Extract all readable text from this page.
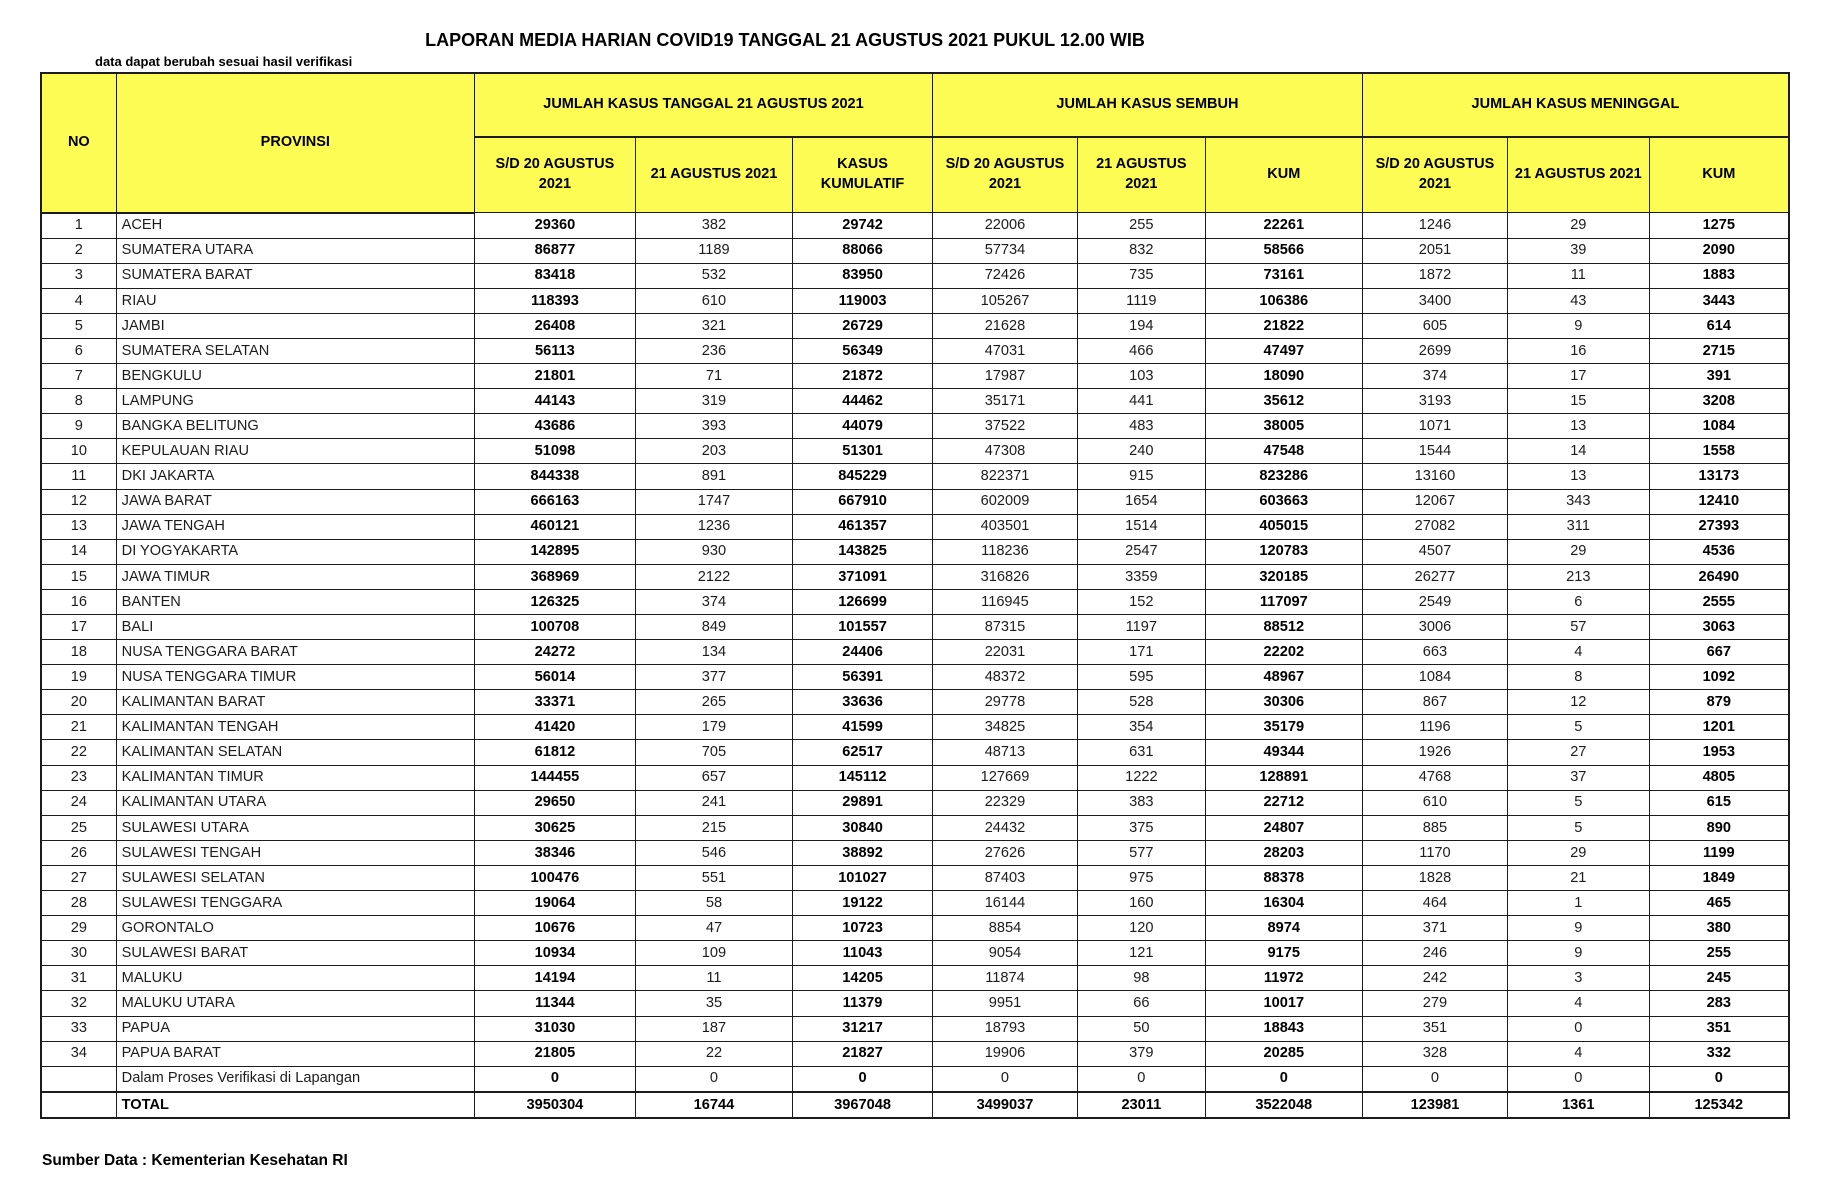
LAPORAN MEDIA HARIAN COVID19 TANGGAL 21 AGUSTUS 2021 PUKUL 12.00 WIB
data dapat berubah sesuai hasil verifikasi
NO	PROVINSI	JUMLAH KASUS TANGGAL 21 AGUSTUS 2021			JUMLAH KASUS SEMBUH			JUMLAH KASUS MENINGGAL		
		S/D 20 AGUSTUS 2021	21 AGUSTUS 2021	KASUS KUMULATIF	S/D 20 AGUSTUS 2021	21 AGUSTUS 2021	KUM	S/D 20 AGUSTUS 2021	21 AGUSTUS 2021	KUM
1	ACEH	29360	382	29742	22006	255	22261	1246	29	1275
2	SUMATERA UTARA	86877	1189	88066	57734	832	58566	2051	39	2090
3	SUMATERA BARAT	83418	532	83950	72426	735	73161	1872	11	1883
4	RIAU	118393	610	119003	105267	1119	106386	3400	43	3443
5	JAMBI	26408	321	26729	21628	194	21822	605	9	614
6	SUMATERA SELATAN	56113	236	56349	47031	466	47497	2699	16	2715
7	BENGKULU	21801	71	21872	17987	103	18090	374	17	391
8	LAMPUNG	44143	319	44462	35171	441	35612	3193	15	3208
9	BANGKA BELITUNG	43686	393	44079	37522	483	38005	1071	13	1084
10	KEPULAUAN RIAU	51098	203	51301	47308	240	47548	1544	14	1558
11	DKI JAKARTA	844338	891	845229	822371	915	823286	13160	13	13173
12	JAWA BARAT	666163	1747	667910	602009	1654	603663	12067	343	12410
13	JAWA TENGAH	460121	1236	461357	403501	1514	405015	27082	311	27393
14	DI YOGYAKARTA	142895	930	143825	118236	2547	120783	4507	29	4536
15	JAWA TIMUR	368969	2122	371091	316826	3359	320185	26277	213	26490
16	BANTEN	126325	374	126699	116945	152	117097	2549	6	2555
17	BALI	100708	849	101557	87315	1197	88512	3006	57	3063
18	NUSA TENGGARA BARAT	24272	134	24406	22031	171	22202	663	4	667
19	NUSA TENGGARA TIMUR	56014	377	56391	48372	595	48967	1084	8	1092
20	KALIMANTAN BARAT	33371	265	33636	29778	528	30306	867	12	879
21	KALIMANTAN TENGAH	41420	179	41599	34825	354	35179	1196	5	1201
22	KALIMANTAN SELATAN	61812	705	62517	48713	631	49344	1926	27	1953
23	KALIMANTAN TIMUR	144455	657	145112	127669	1222	128891	4768	37	4805
24	KALIMANTAN UTARA	29650	241	29891	22329	383	22712	610	5	615
25	SULAWESI UTARA	30625	215	30840	24432	375	24807	885	5	890
26	SULAWESI TENGAH	38346	546	38892	27626	577	28203	1170	29	1199
27	SULAWESI SELATAN	100476	551	101027	87403	975	88378	1828	21	1849
28	SULAWESI TENGGARA	19064	58	19122	16144	160	16304	464	1	465
29	GORONTALO	10676	47	10723	8854	120	8974	371	9	380
30	SULAWESI BARAT	10934	109	11043	9054	121	9175	246	9	255
31	MALUKU	14194	11	14205	11874	98	11972	242	3	245
32	MALUKU UTARA	11344	35	11379	9951	66	10017	279	4	283
33	PAPUA	31030	187	31217	18793	50	18843	351	0	351
34	PAPUA BARAT	21805	22	21827	19906	379	20285	328	4	332
	Dalam Proses Verifikasi di Lapangan	0	0	0	0	0	0	0	0	0
	TOTAL	3950304	16744	3967048	3499037	23011	3522048	123981	1361	125342
Sumber Data : Kementerian Kesehatan RI
